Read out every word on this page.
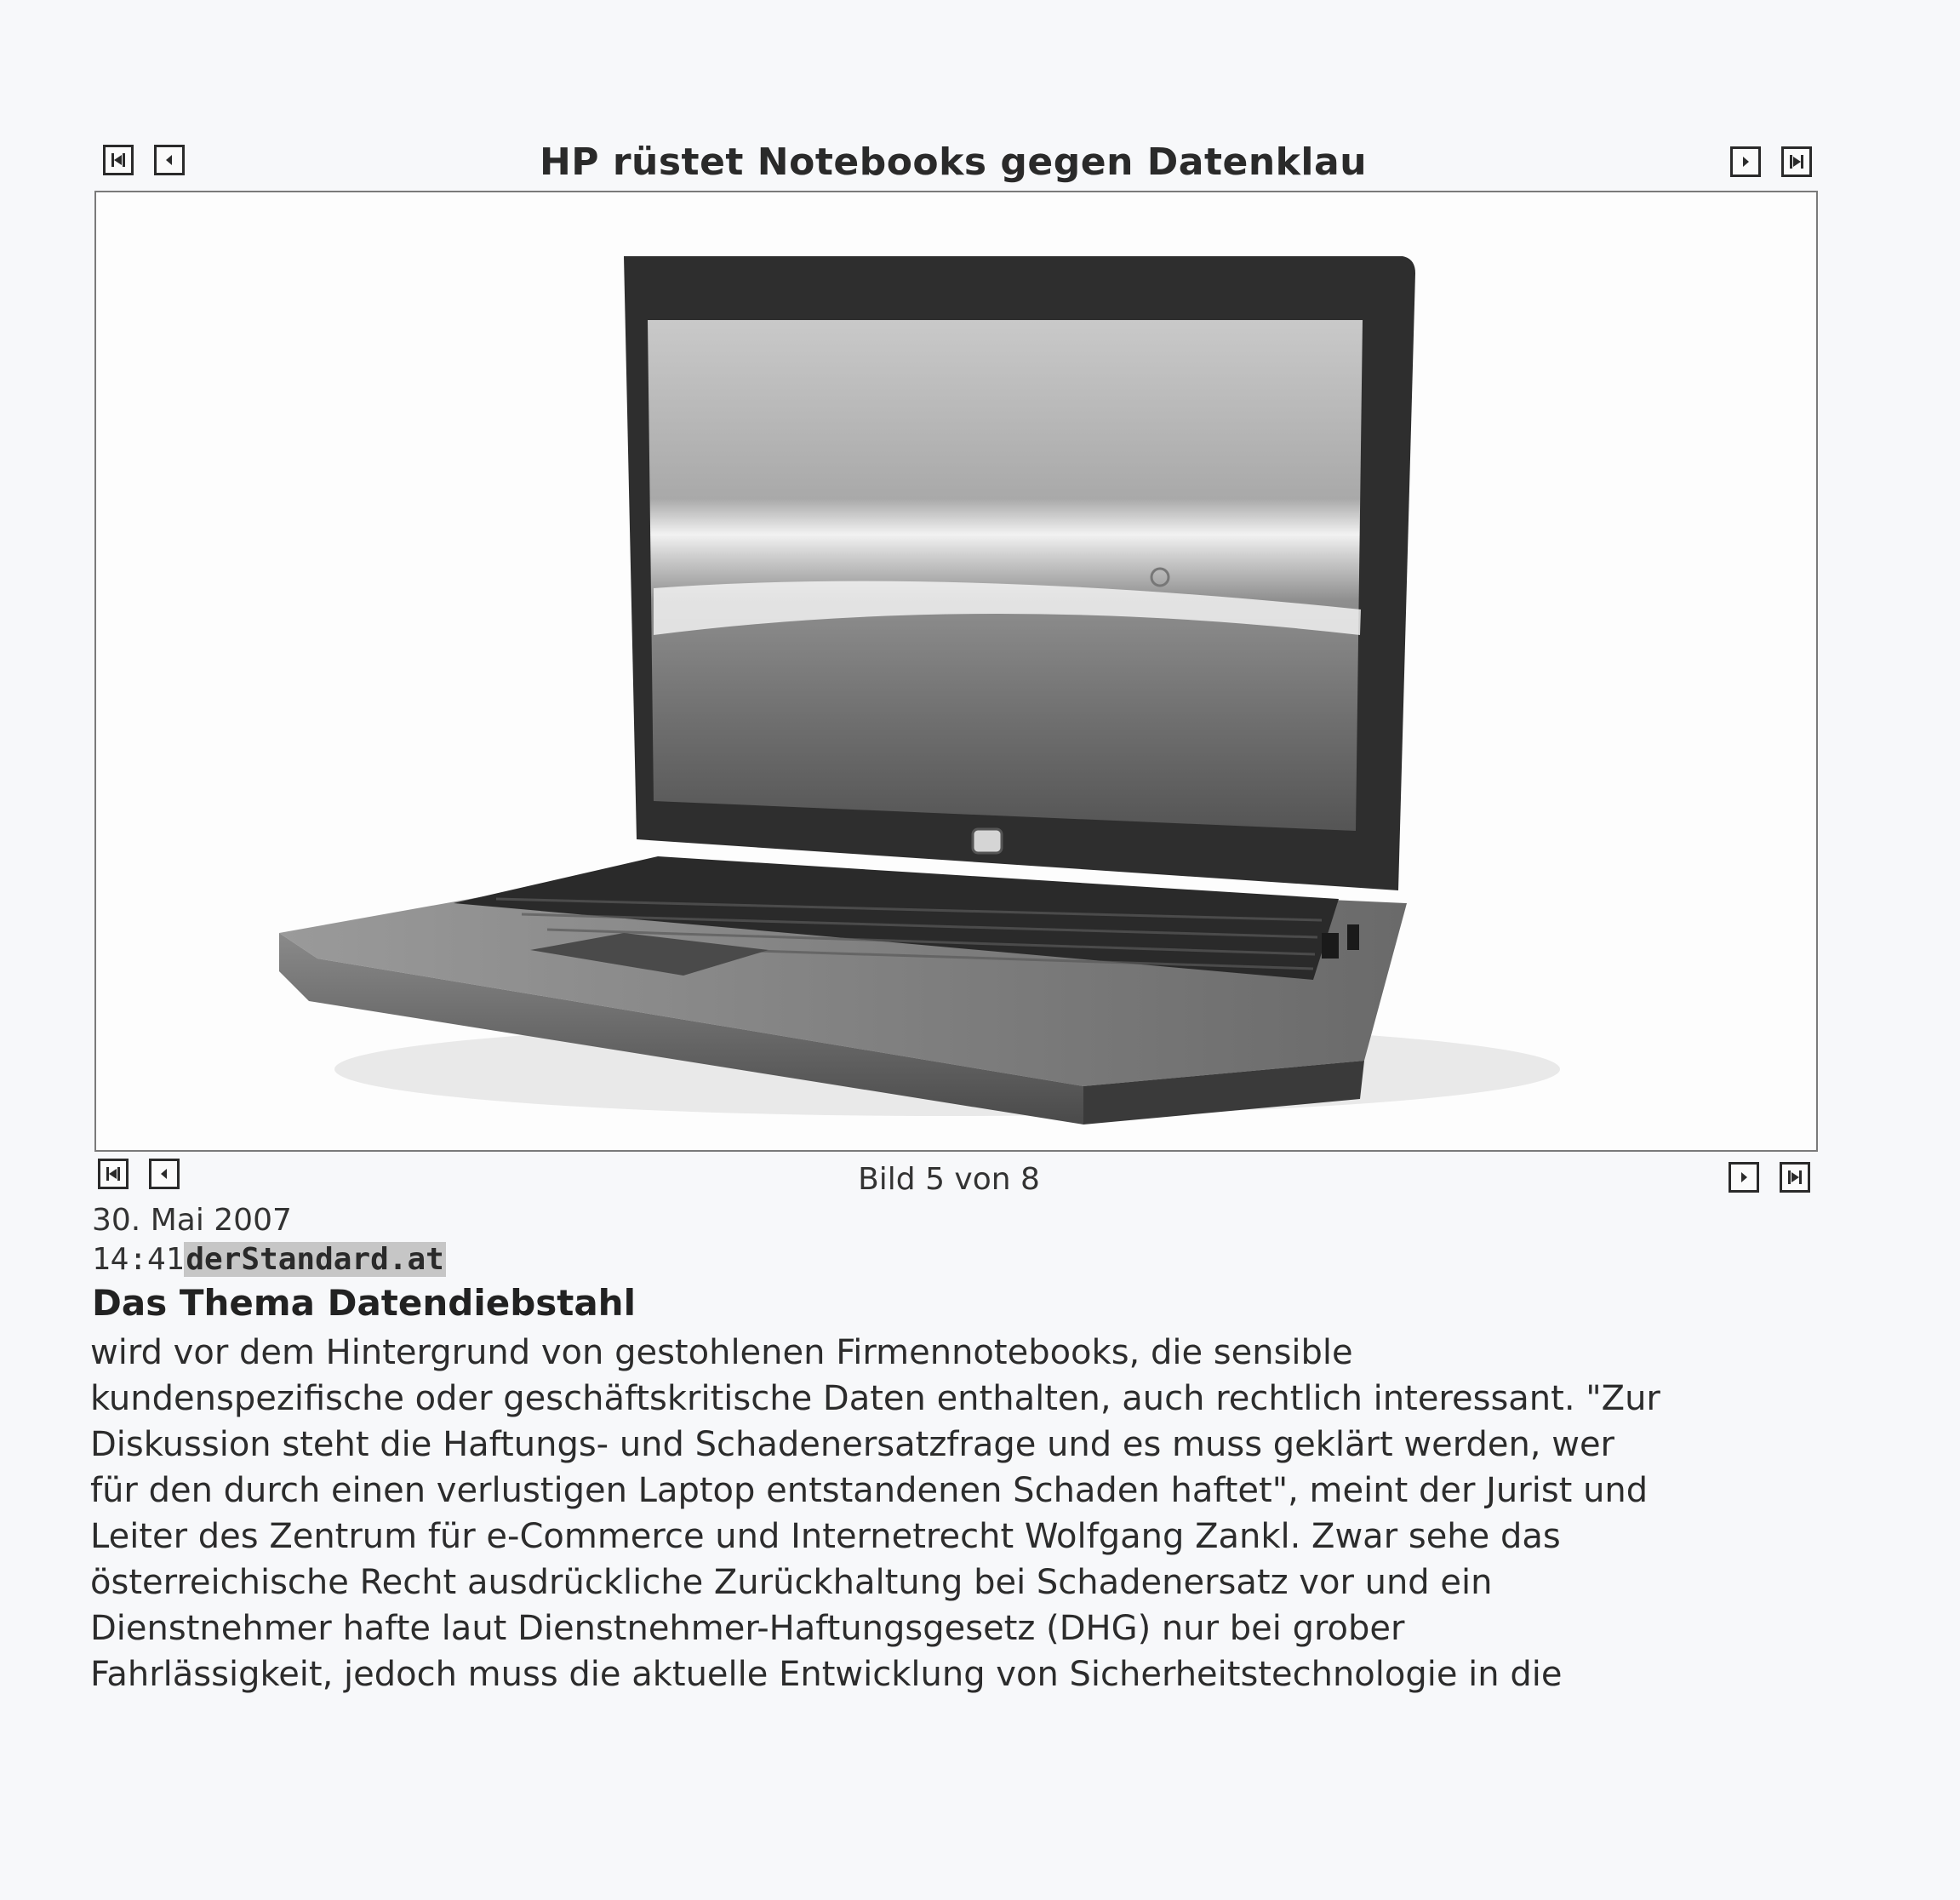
HP rüstet Notebooks gegen Datenklau
Bild 5 von 8
30. Mai 2007
14:41derStandard.at
Das Thema Datendiebstahl
wird vor dem Hintergrund von gestohlenen Firmennotebooks, die sensible
kundenspezifische oder geschäftskritische Daten enthalten, auch rechtlich interessant. "Zur
Diskussion steht die Haftungs- und Schadenersatzfrage und es muss geklärt werden, wer
für den durch einen verlustigen Laptop entstandenen Schaden haftet", meint der Jurist und
Leiter des Zentrum für e-Commerce und Internetrecht Wolfgang Zankl. Zwar sehe das
österreichische Recht ausdrückliche Zurückhaltung bei Schadenersatz vor und ein
Dienstnehmer hafte laut Dienstnehmer-Haftungsgesetz (DHG) nur bei grober
Fahrlässigkeit, jedoch muss die aktuelle Entwicklung von Sicherheitstechnologie in die
